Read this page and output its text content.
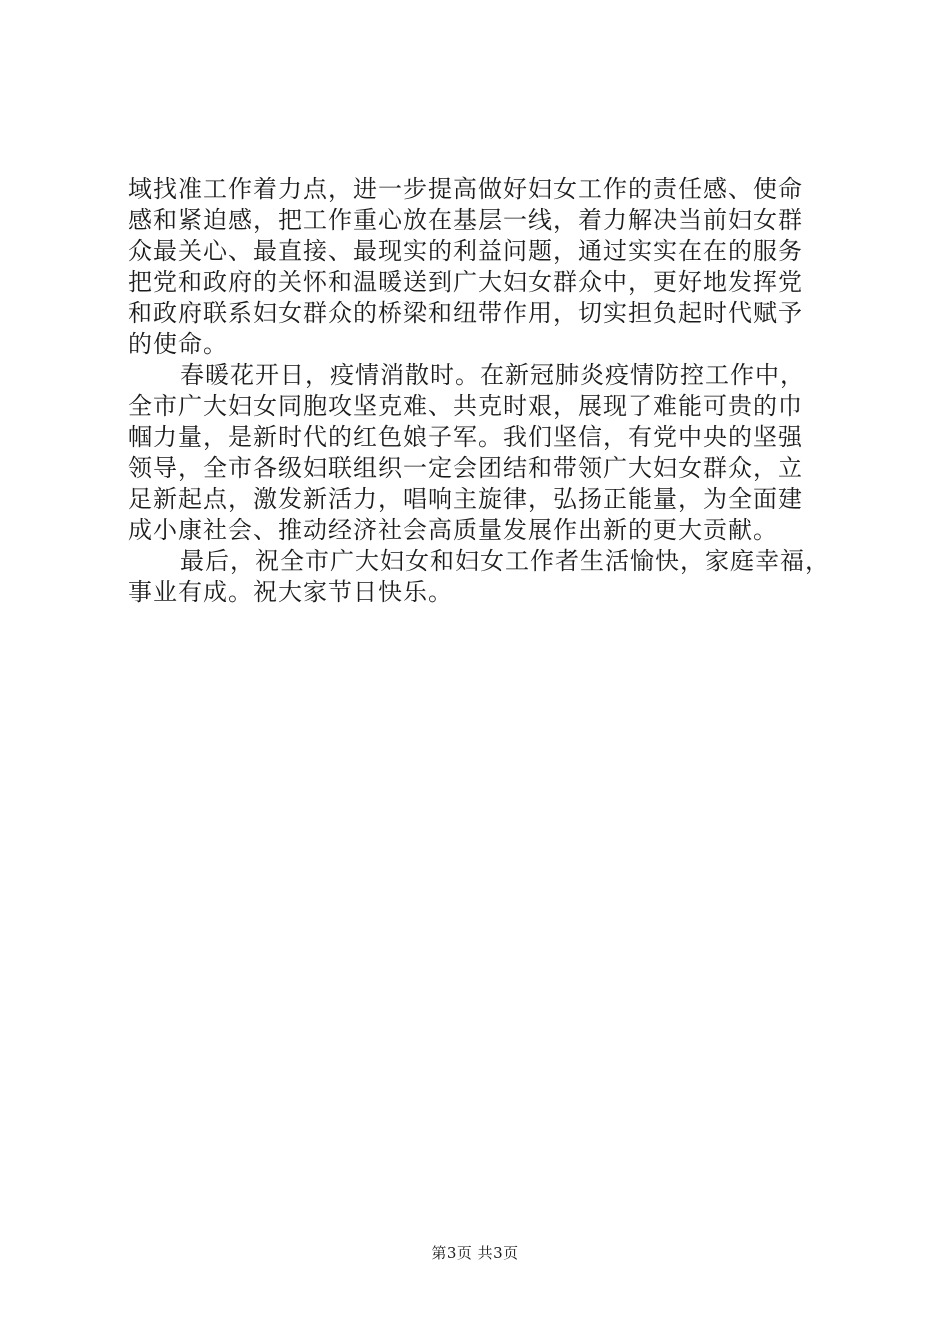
域找准工作着力点，进一步提高做好妇女工作的责任感、使命
感和紧迫感，把工作重心放在基层一线，着力解决当前妇女群
众最关心、最直接、最现实的利益问题，通过实实在在的服务
把党和政府的关怀和温暖送到广大妇女群众中，更好地发挥党
和政府联系妇女群众的桥梁和纽带作用，切实担负起时代赋予
的使命。
春暖花开日，疫情消散时。在新冠肺炎疫情防控工作中，
全市广大妇女同胞攻坚克难、共克时艰，展现了难能可贵的巾
帼力量，是新时代的红色娘子军。我们坚信，有党中央的坚强
领导，全市各级妇联组织一定会团结和带领广大妇女群众，立
足新起点，激发新活力，唱响主旋律，弘扬正能量，为全面建
成小康社会、推动经济社会高质量发展作出新的更大贡献。
最后，祝全市广大妇女和妇女工作者生活愉快，家庭幸福，
事业有成。祝大家节日快乐。
第3页 共3页
